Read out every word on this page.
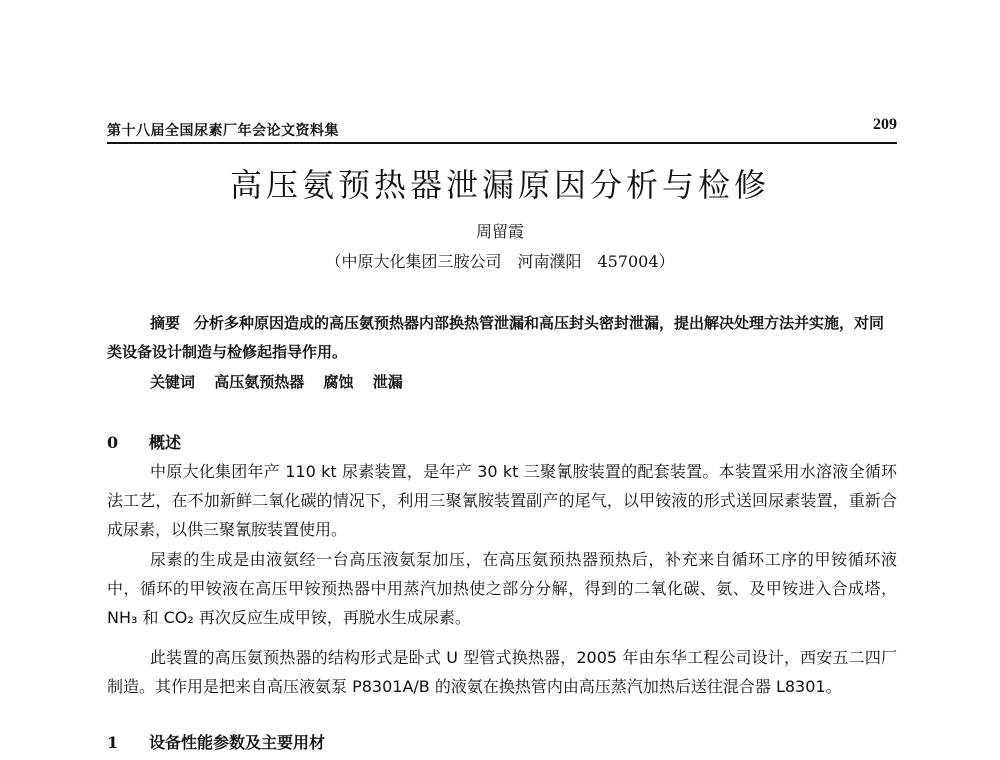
第十八届全国尿素厂年会论文资料集	209
高压氨预热器泄漏原因分析与检修
周留霞
（中原大化集团三胺公司　河南濮阳　457004）

摘要 分析多种原因造成的高压氨预热器内部换热管泄漏和高压封头密封泄漏，提出解决处理方法并实施，对同类设备设计制造与检修起指导作用。

关键词 高压氨预热器 腐蚀 泄漏
0 概述

中原大化集团年产 110 kt 尿素装置，是年产 30 kt 三聚氰胺装置的配套装置。本装置采用水溶液全循环法工艺，在不加新鲜二氧化碳的情况下，利用三聚氰胺装置副产的尾气，以甲铵液的形式送回尿素装置，重新合成尿素，以供三聚氰胺装置使用。

尿素的生成是由液氨经一台高压液氨泵加压，在高压氨预热器预热后，补充来自循环工序的甲铵循环液中，循环的甲铵液在高压甲铵预热器中用蒸汽加热使之部分分解，得到的二氧化碳、氨、及甲铵进入合成塔，NH₃ 和 CO₂ 再次反应生成甲铵，再脱水生成尿素。

此装置的高压氨预热器的结构形式是卧式 U 型管式换热器，2005 年由东华工程公司设计，西安五二四厂制造。其作用是把来自高压液氨泵 P8301A/B 的液氨在换热管内由高压蒸汽加热后送往混合器 L8301。

1 设备性能参数及主要用材
